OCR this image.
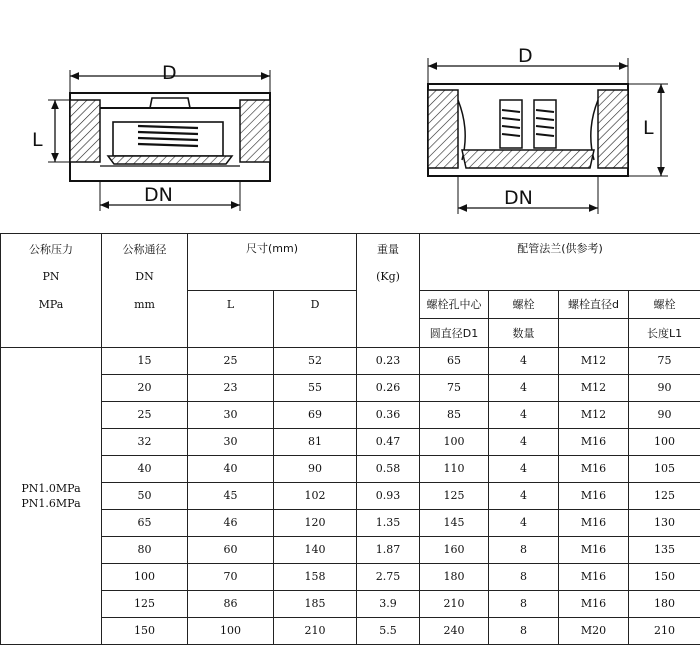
D
L
DN
D
L
DN
公称压力	公称通径	尺寸(mm)		重量	配管法兰(供参考)			
PN	DN			(Kg)				
MPa	mm	L	D		螺栓孔中心	螺栓	螺栓直径d	螺栓
					圆直径D1	数量		长度L1

PN1.0MPa
PN1.6MPa	15	25	52	0.23	65	4	M12	75
	20	23	55	0.26	75	4	M12	90
	25	30	69	0.36	85	4	M12	90
	32	30	81	0.47	100	4	M16	100
	40	40	90	0.58	110	4	M16	105
	50	45	102	0.93	125	4	M16	125
	65	46	120	1.35	145	4	M16	130
	80	60	140	1.87	160	8	M16	135
	100	70	158	2.75	180	8	M16	150
	125	86	185	3.9	210	8	M16	180
	150	100	210	5.5	240	8	M20	210
